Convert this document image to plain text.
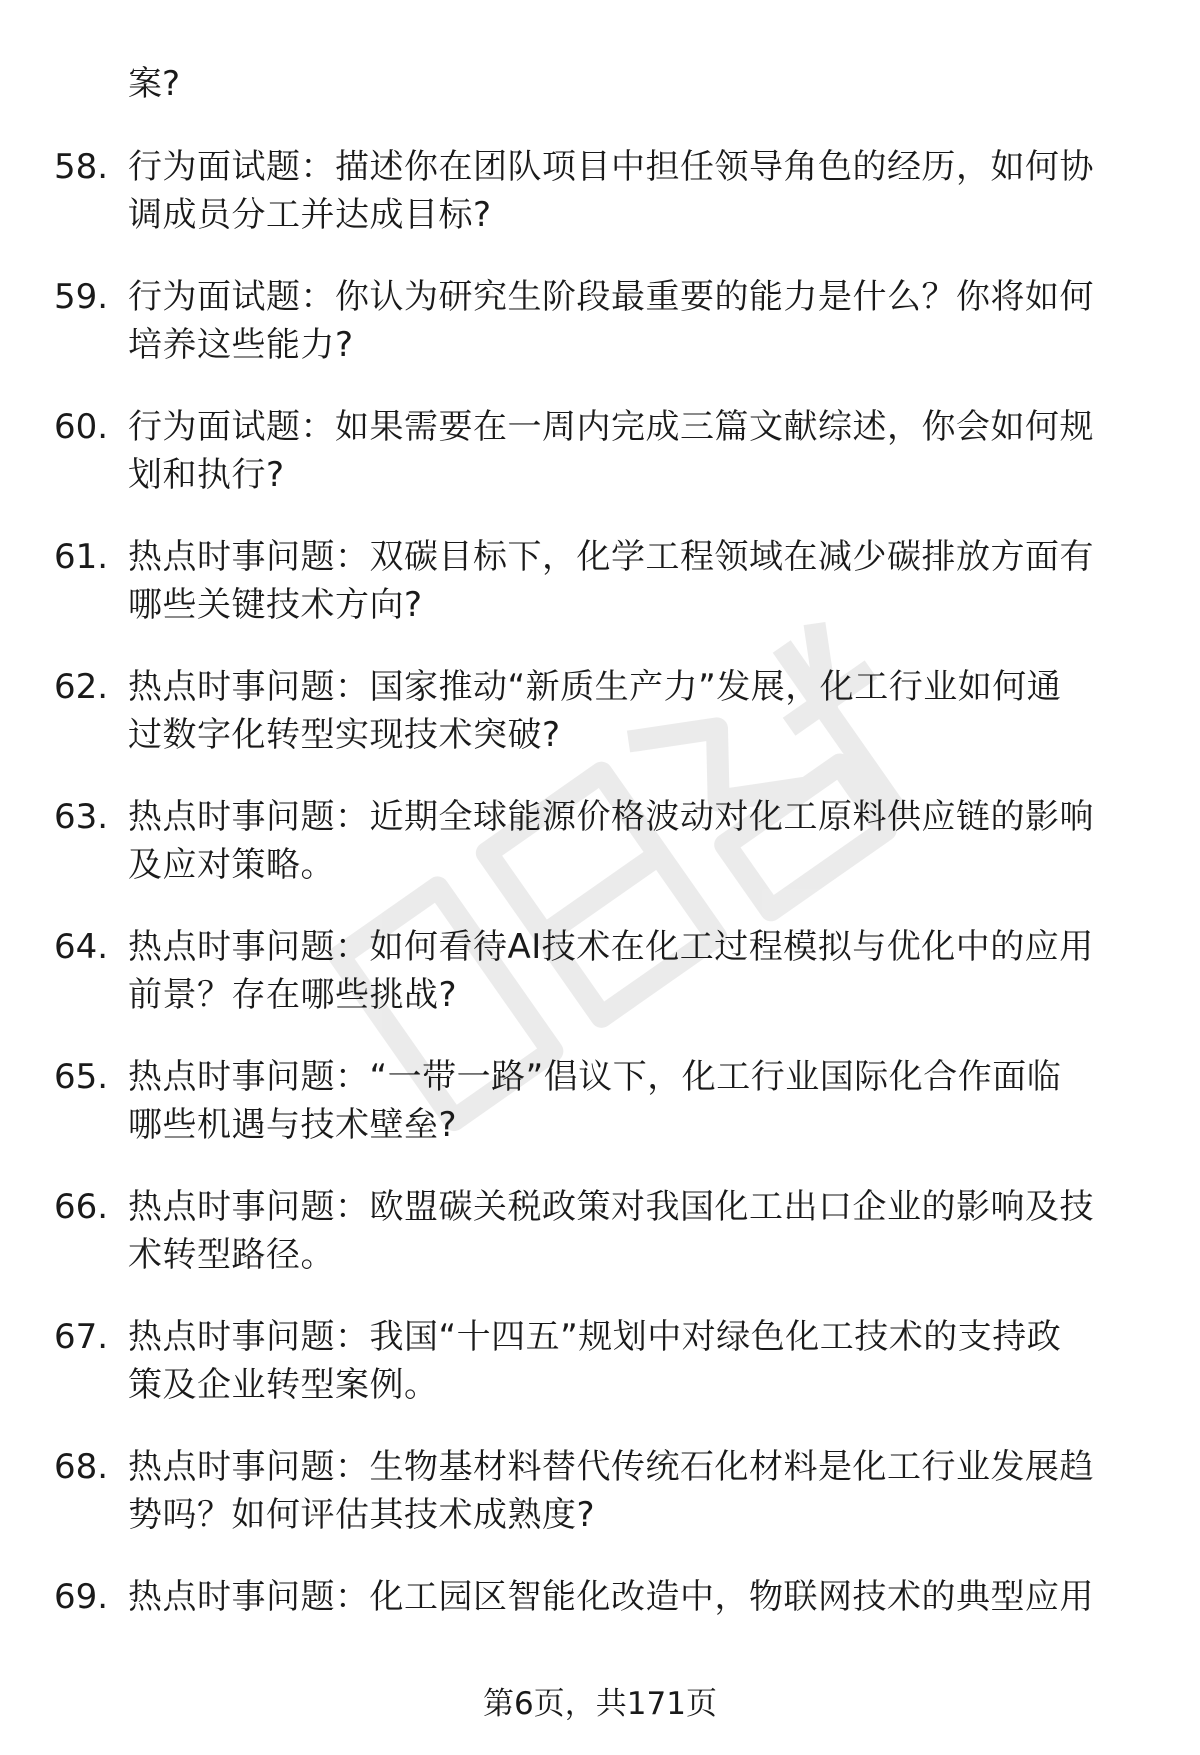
案?
58. 行为面试题：描述你在团队项目中担任领导角色的经历，如何协
调成员分工并达成目标?
59. 行为面试题：你认为研究生阶段最重要的能力是什么？你将如何
培养这些能力?
60. 行为面试题：如果需要在一周内完成三篇文献综述，你会如何规
划和执行?
61. 热点时事问题：双碳目标下，化学工程领域在减少碳排放方面有
哪些关键技术方向?
62. 热点时事问题：国家推动“新质生产力”发展，化工行业如何通
过数字化转型实现技术突破?
63. 热点时事问题：近期全球能源价格波动对化工原料供应链的影响
及应对策略。
64. 热点时事问题：如何看待AI技术在化工过程模拟与优化中的应用
前景？存在哪些挑战?
65. 热点时事问题：“一带一路”倡议下，化工行业国际化合作面临
哪些机遇与技术壁垒?
66. 热点时事问题：欧盟碳关税政策对我国化工出口企业的影响及技
术转型路径。
67. 热点时事问题：我国“十四五”规划中对绿色化工技术的支持政
策及企业转型案例。
68. 热点时事问题：生物基材料替代传统石化材料是化工行业发展趋
势吗？如何评估其技术成熟度?
69. 热点时事问题：化工园区智能化改造中，物联网技术的典型应用
第6页，共171页
